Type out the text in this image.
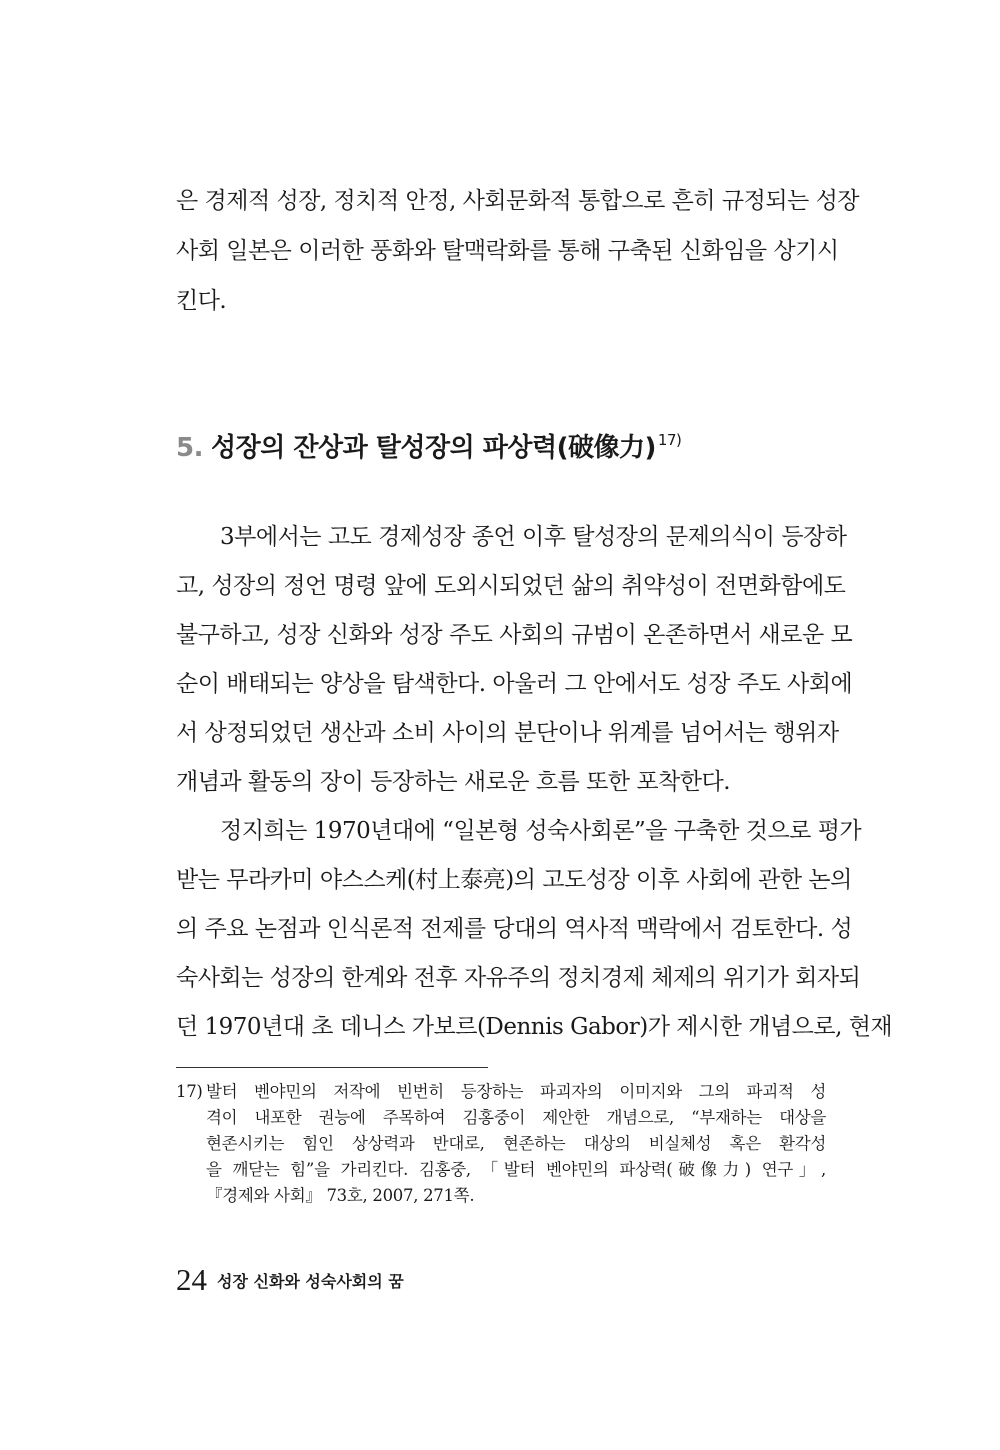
은 경제적 성장, 정치적 안정, 사회문화적 통합으로 흔히 규정되는 성장
사회 일본은 이러한 풍화와 탈맥락화를 통해 구축된 신화임을 상기시
킨다.
5. 성장의 잔상과 탈성장의 파상력(破像力) $^{17)}$
3부에서는 고도 경제성장 종언 이후 탈성장의 문제의식이 등장하
고, 성장의 정언 명령 앞에 도외시되었던 삶의 취약성이 전면화함에도
불구하고, 성장 신화와 성장 주도 사회의 규범이 온존하면서 새로운 모
순이 배태되는 양상을 탐색한다. 아울러 그 안에서도 성장 주도 사회에
서 상정되었던 생산과 소비 사이의 분단이나 위계를 넘어서는 행위자
개념과 활동의 장이 등장하는 새로운 흐름 또한 포착한다.
정지희는 1970년대에 “일본형 성숙사회론”을 구축한 것으로 평가
받는 무라카미 야스스케(村上泰亮)의 고도성장 이후 사회에 관한 논의
의 주요 논점과 인식론적 전제를 당대의 역사적 맥락에서 검토한다. 성
숙사회는 성장의 한계와 전후 자유주의 정치경제 체제의 위기가 회자되
던 1970년대 초 데니스 가보르(Dennis Gabor)가 제시한 개념으로, 현재
17) 발터 벤야민의 저작에 빈번히 등장하는 파괴자의 이미지와 그의 파괴적 성
격이 내포한 권능에 주목하여 김홍중이 제안한 개념으로, “부재하는 대상을
현존시키는 힘인 상상력과 반대로, 현존하는 대상의 비실체성 혹은 환각성
을 깨닫는 힘”을 가리킨다. 김홍중, 「발터 벤야민의 파상력(破像力) 연구」,
『경제와 사회』 73호, 2007, 271쪽.
24 성장 신화와 성숙사회의 꿈
